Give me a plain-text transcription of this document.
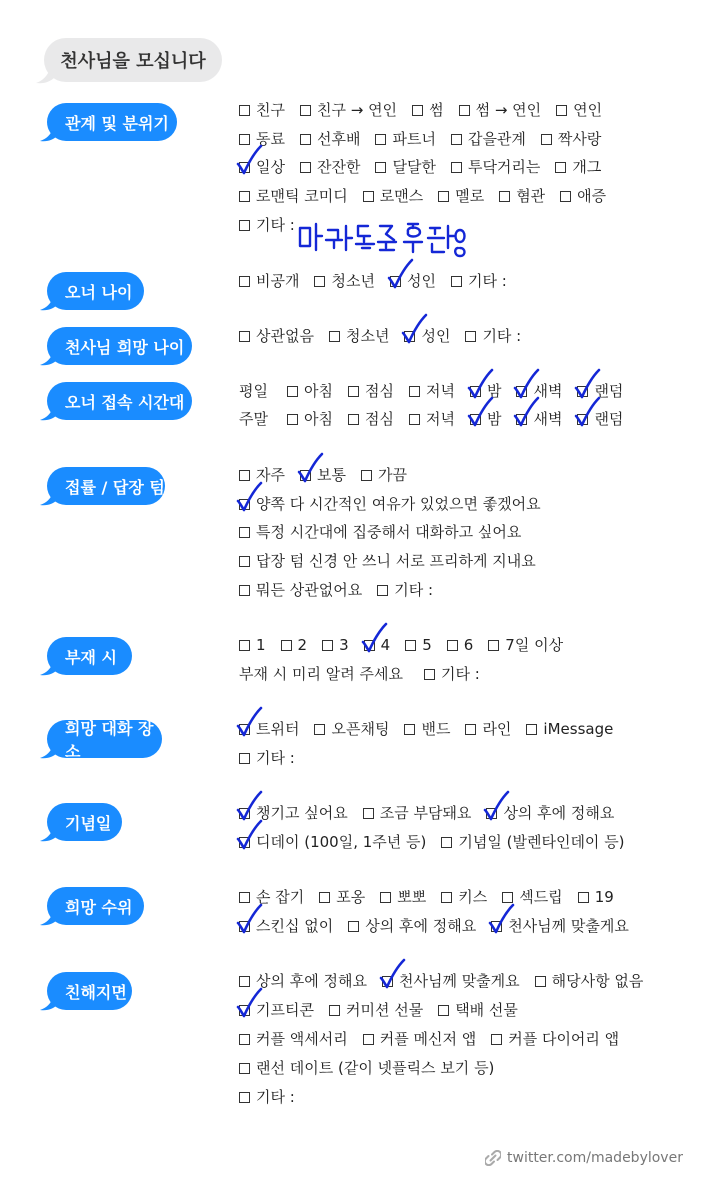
천사님을 모십니다
관계 및 분위기
친구 친구 → 연인 썸 썸 → 연인 연인
동료 선후배 파트너 갑을관계 짝사랑
일상 잔잔한 달달한 투닥거리는 개그
로맨틱 코미디 로맨스 멜로 혐관 애증
기타 :
오너 나이
비공개 청소년 성인 기타 :
천사님 희망 나이
상관없음 청소년 성인 기타 :
오너 접속 시간대
평일 아침 점심 저녁 밤 새벽 랜덤
주말 아침 점심 저녁 밤 새벽 랜덤
접률 / 답장 텀
자주 보통 가끔
양쪽 다 시간적인 여유가 있었으면 좋겠어요
특정 시간대에 집중해서 대화하고 싶어요
답장 텀 신경 안 쓰니 서로 프리하게 지내요
뭐든 상관없어요 기타 :
부재 시
1 2 3 4 5 6 7일 이상
부재 시 미리 알려 주세요	기타 :
희망 대화 장소
트위터 오픈채팅 밴드 라인 iMessage
기타 :
기념일
챙기고 싶어요 조금 부담돼요 상의 후에 정해요
디데이 (100일, 1주년 등) 기념일 (발렌타인데이 등)
희망 수위
손 잡기 포옹 뽀뽀 키스 섹드립 19
스킨십 없이 상의 후에 정해요 천사님께 맞출게요
친해지면
상의 후에 정해요 천사님께 맞출게요 해당사항 없음
기프티콘 커미션 선물 택배 선물
커플 액세서리 커플 메신저 앱 커플 다이어리 앱
랜선 데이트 (같이 넷플릭스 보기 등)
기타 :
마라맛도 환영
twitter.com/madebylover
